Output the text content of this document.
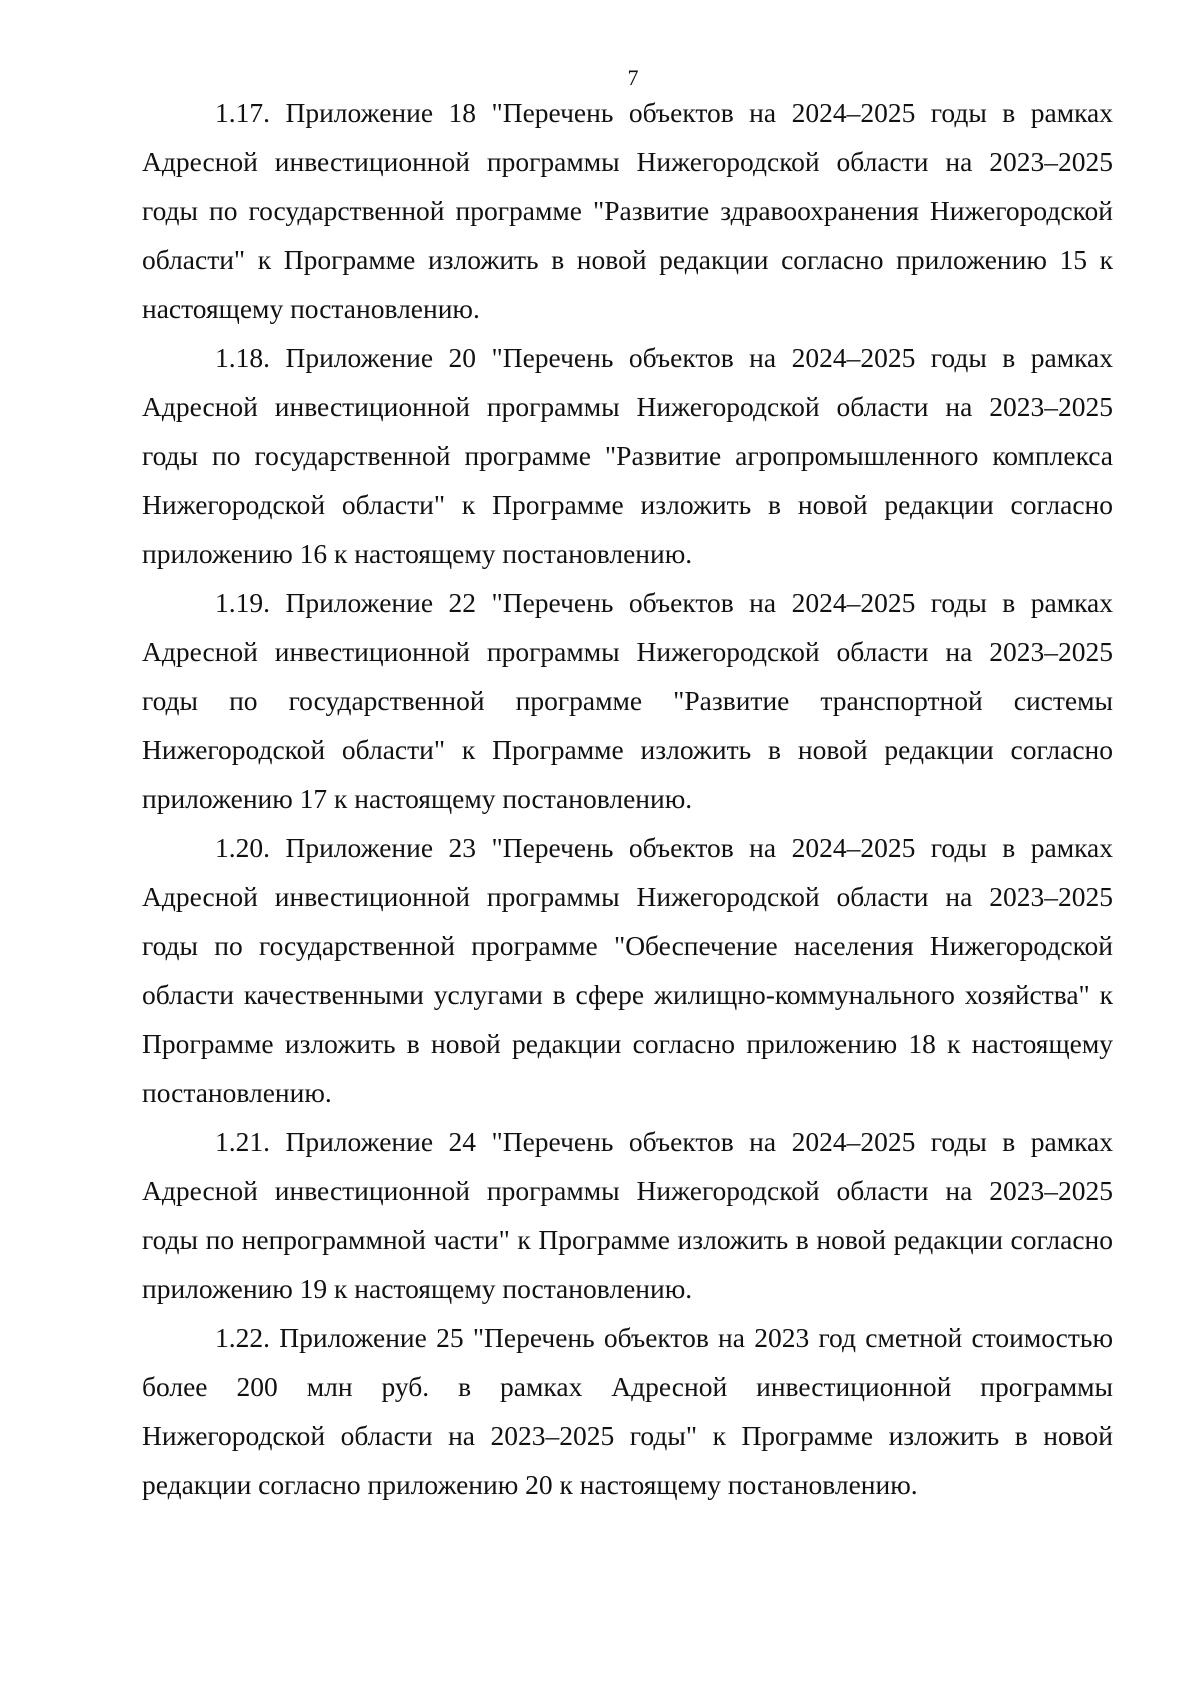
7

1.17. Приложение 18 "Перечень объектов на 2024–2025 годы в рамках Адресной инвестиционной программы Нижегородской области на 2023–2025 годы по государственной программе "Развитие здравоохранения Нижегородской области" к Программе изложить в новой редакции согласно приложению 15 к настоящему постановлению.

1.18. Приложение 20 "Перечень объектов на 2024–2025 годы в рамках Адресной инвестиционной программы Нижегородской области на 2023–2025 годы по государственной программе "Развитие агропромышленного комплекса Нижегородской области" к Программе изложить в новой редакции согласно приложению 16 к настоящему постановлению.

1.19. Приложение 22 "Перечень объектов на 2024–2025 годы в рамках Адресной инвестиционной программы Нижегородской области на 2023–2025 годы по государственной программе "Развитие транспортной системы Нижегородской области" к Программе изложить в новой редакции согласно приложению 17 к настоящему постановлению.

1.20. Приложение 23 "Перечень объектов на 2024–2025 годы в рамках Адресной инвестиционной программы Нижегородской области на 2023–2025 годы по государственной программе "Обеспечение населения Нижегородской области качественными услугами в сфере жилищно-коммунального хозяйства" к Программе изложить в новой редакции согласно приложению 18 к настоящему постановлению.

1.21. Приложение 24 "Перечень объектов на 2024–2025 годы в рамках Адресной инвестиционной программы Нижегородской области на 2023–2025 годы по непрограммной части" к Программе изложить в новой редакции согласно приложению 19 к настоящему постановлению.

1.22. Приложение 25 "Перечень объектов на 2023 год сметной стоимостью более 200 млн руб. в рамках Адресной инвестиционной программы Нижегородской области на 2023–2025 годы" к Программе изложить в новой редакции согласно приложению 20 к настоящему постановлению.
